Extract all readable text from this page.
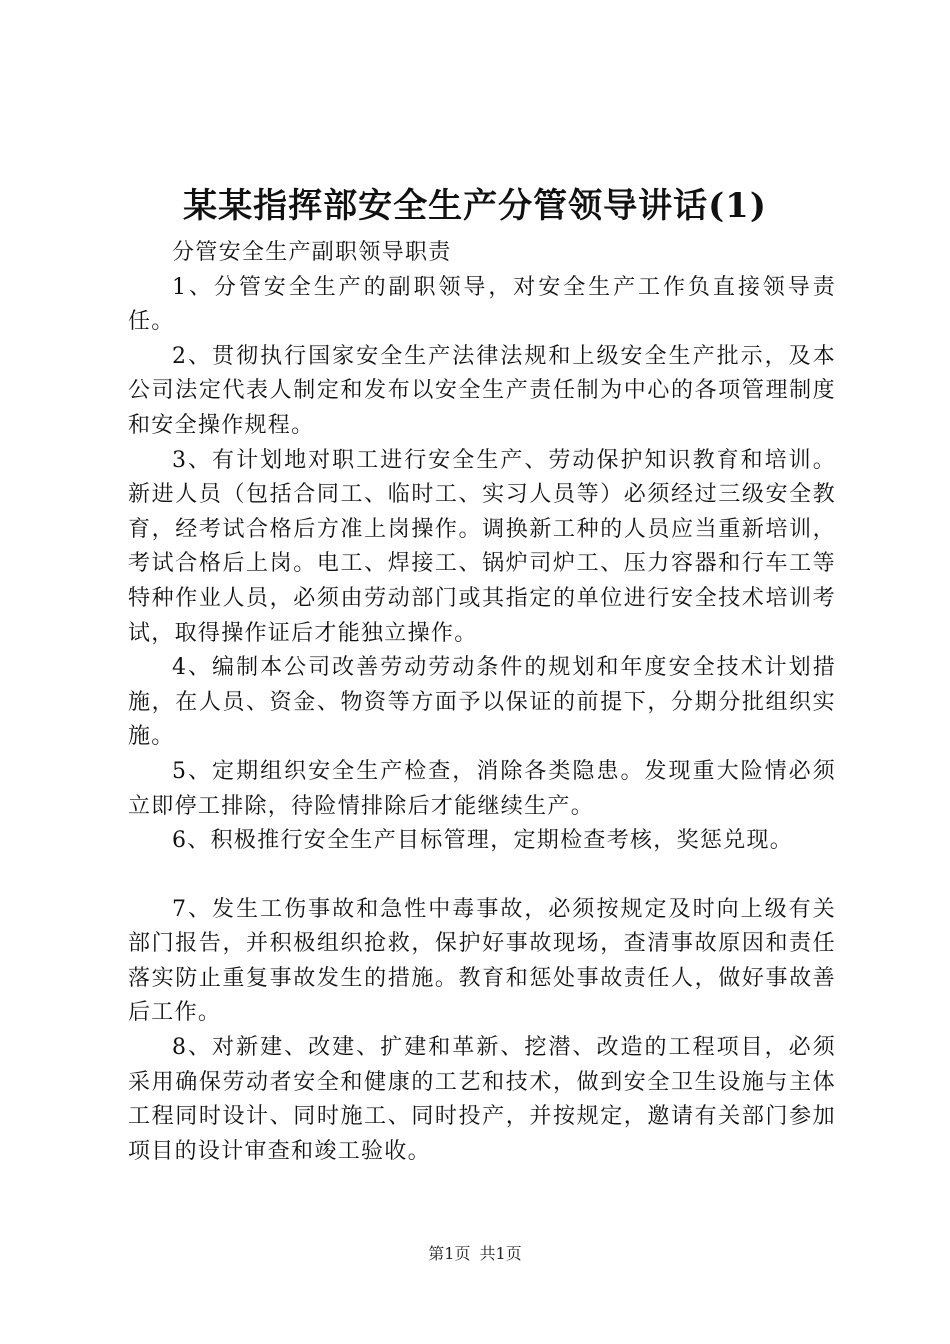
某某指挥部安全生产分管领导讲话(1)

分管安全生产副职领导职责

1、分管安全生产的副职领导，对安全生产工作负直接领导责任。

2、贯彻执行国家安全生产法律法规和上级安全生产批示，及本公司法定代表人制定和发布以安全生产责任制为中心的各项管理制度和安全操作规程。

3、有计划地对职工进行安全生产、劳动保护知识教育和培训。新进人员（包括合同工、临时工、实习人员等）必须经过三级安全教育，经考试合格后方准上岗操作。调换新工种的人员应当重新培训，考试合格后上岗。电工、焊接工、锅炉司炉工、压力容器和行车工等特种作业人员，必须由劳动部门或其指定的单位进行安全技术培训考试，取得操作证后才能独立操作。

4、编制本公司改善劳动劳动条件的规划和年度安全技术计划措施，在人员、资金、物资等方面予以保证的前提下，分期分批组织实施。

5、定期组织安全生产检查，消除各类隐患。发现重大险情必须立即停工排除，待险情排除后才能继续生产。

6、积极推行安全生产目标管理，定期检查考核，奖惩兑现。

7、发生工伤事故和急性中毒事故，必须按规定及时向上级有关部门报告，并积极组织抢救，保护好事故现场，查清事故原因和责任落实防止重复事故发生的措施。教育和惩处事故责任人，做好事故善后工作。

8、对新建、改建、扩建和革新、挖潜、改造的工程项目，必须采用确保劳动者安全和健康的工艺和技术，做到安全卫生设施与主体工程同时设计、同时施工、同时投产，并按规定，邀请有关部门参加项目的设计审查和竣工验收。

第1页 共1页
